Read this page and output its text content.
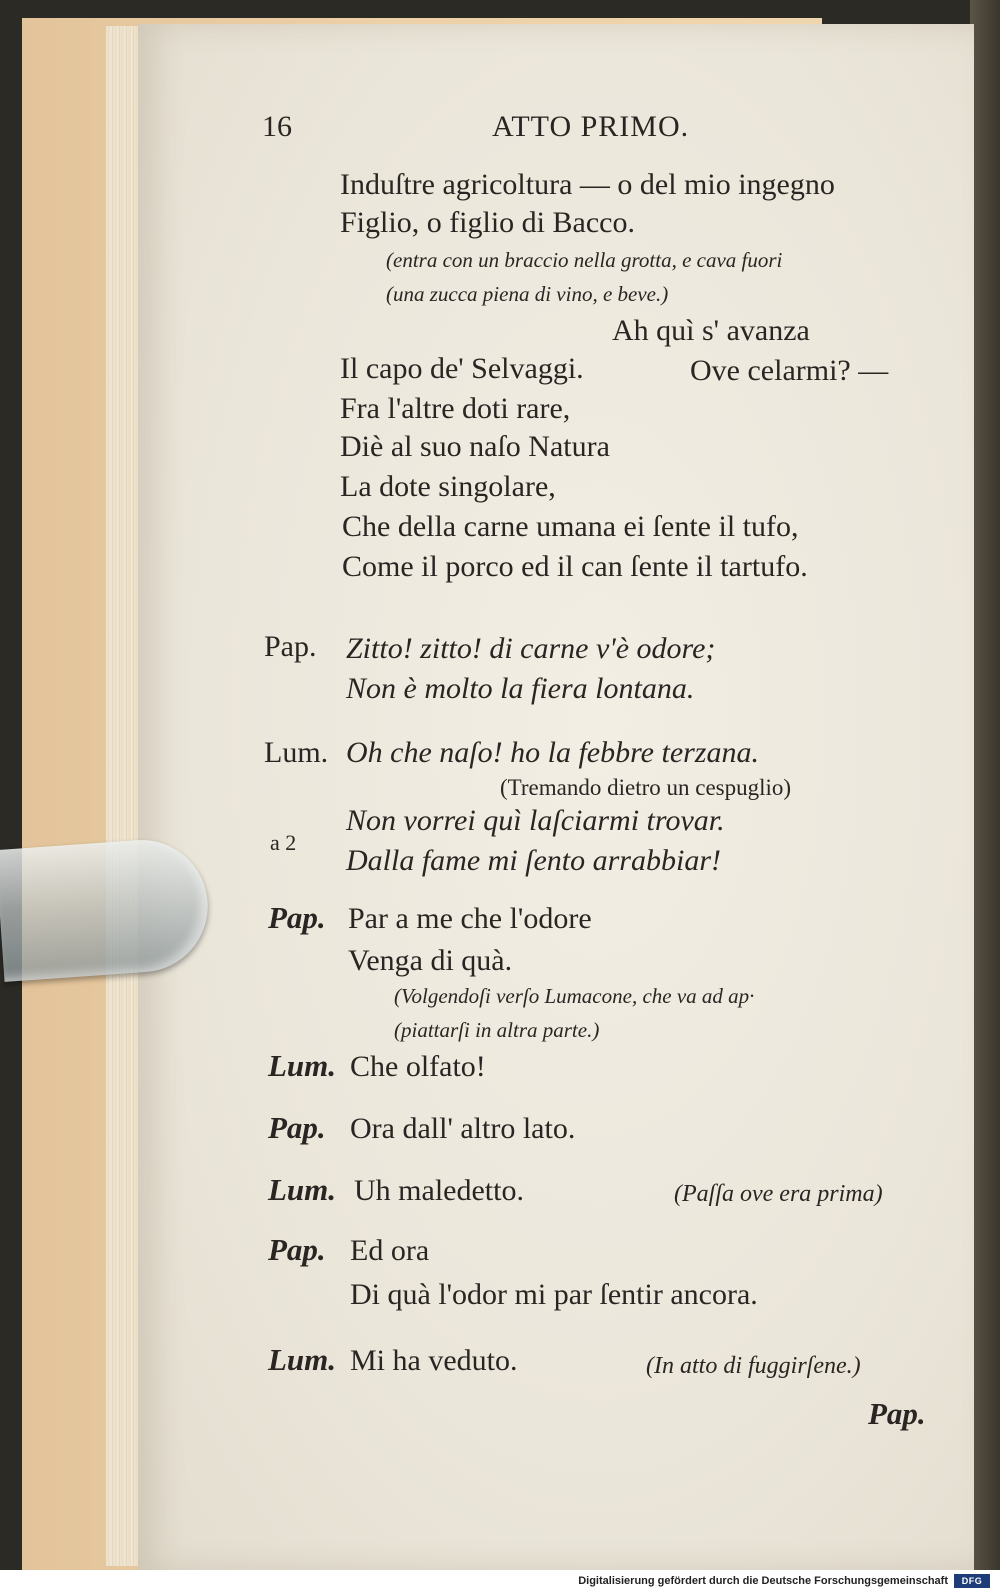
16	ATTO PRIMO.
Induſtre agricoltura — o del mio ingegno
Figlio, o figlio di Bacco.
(entra con un braccio nella grotta, e cava fuori
(una zucca piena di vino, e beve.)
Ah quì s' avanza
Il capo de' Selvaggi.	Ove celarmi? —
Fra l'altre doti rare,
Diè al suo naſo Natura
La dote singolare,
Che della carne umana ei ſente il tufo,
Come il porco ed il can ſente il tartufo.
Pap. Zitto! zitto! di carne v'è odore;
Non è molto la fiera lontana.
Lum. Oh che naſo! ho la febbre terzana.
(Tremando dietro un cespuglio)
a 2
Non vorrei quì laſciarmi trovar.
Dalla fame mi ſento arrabbiar!
Pap. Par a me che l'odore
Venga di quà.
(Volgendoſi verſo Lumacone, che va ad ap·
(piattarſi in altra parte.)
Lum. Che olfato!
Pap. Ora dall' altro lato.
Lum. Uh maledetto.	(Paſſa ove era prima)
Pap. Ed ora
Di quà l'odor mi par ſentir ancora.
Lum. Mi ha veduto.	(In atto di fuggirſene.)
Pap.
Digitalisierung gefördert durch die Deutsche Forschungsgemeinschaft	DFG
